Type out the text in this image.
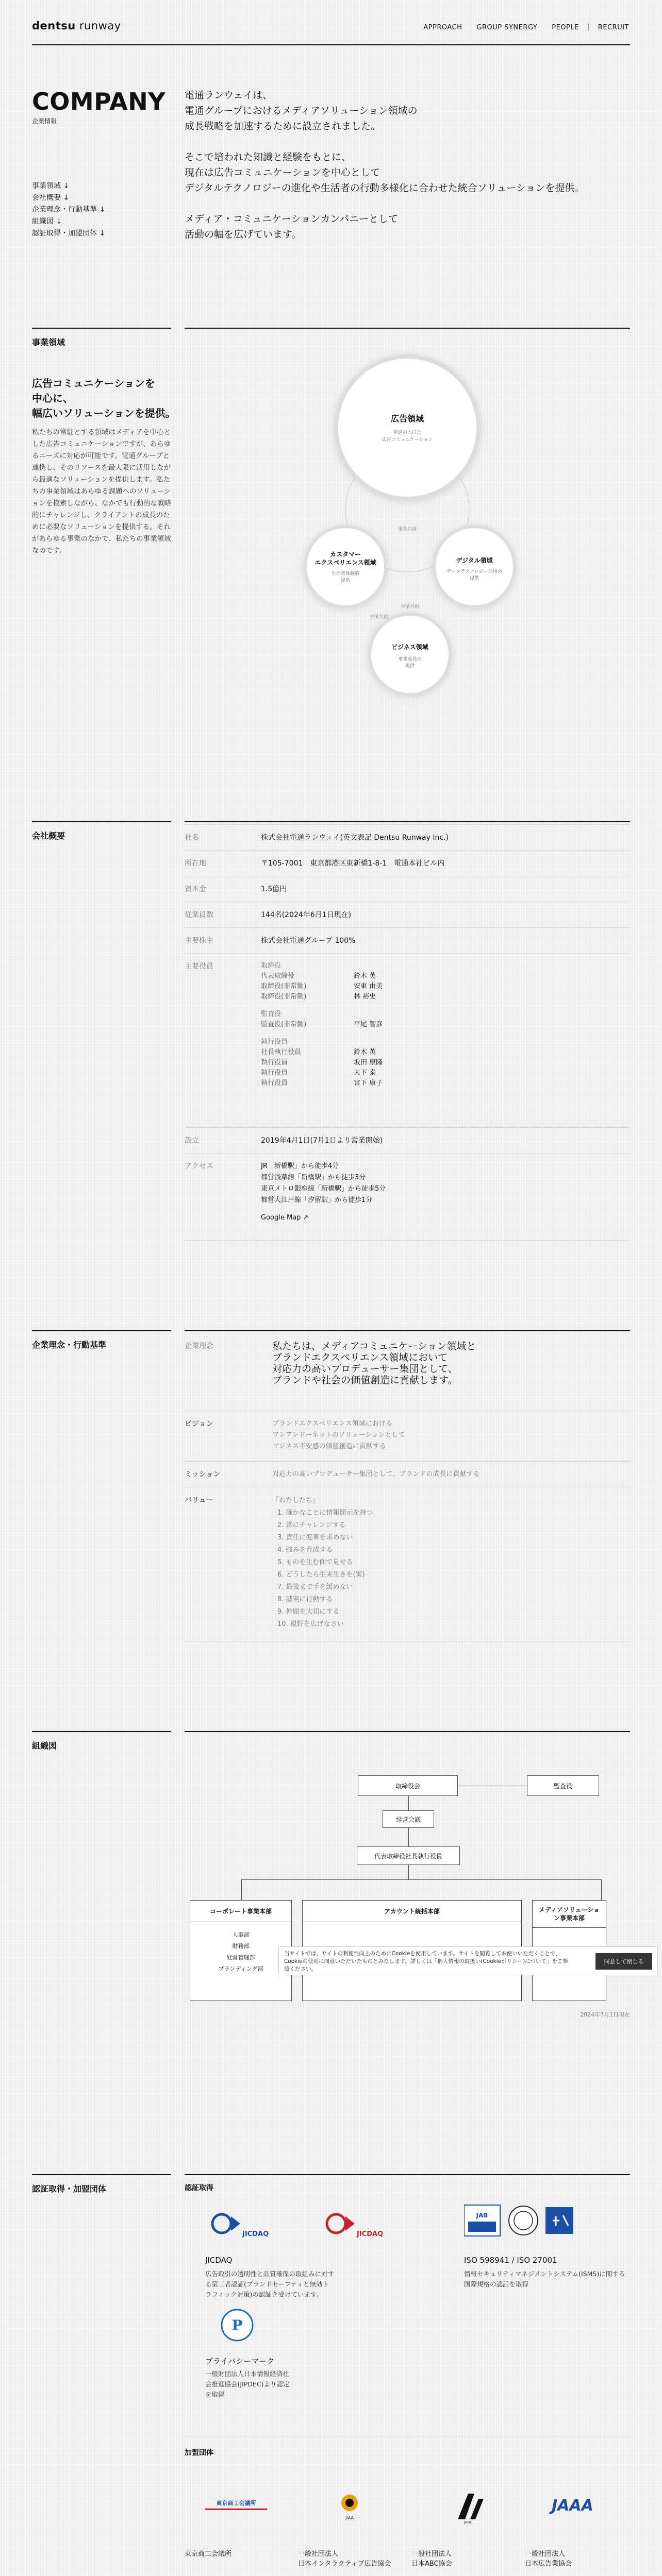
dentsu runway	APPROACH	GROUP SYNERGY	PEOPLE	RECRUIT
COMPANY
企業情報
事業領域 ↓
会社概要 ↓
企業理念・行動基準 ↓
組織図 ↓
認証取得・加盟団体 ↓

電通ランウェイは、
電通グループにおけるメディアソリューション領域の
成長戦略を加速するために設立されました。

そこで培われた知識と経験をもとに、
現在は広告コミュニケーションを中心として
デジタルテクノロジーの進化や生活者の行動多様化に合わせた統合ソリューションを提供。

メディア・コミュニケーションカンパニーとして
活動の幅を広げています。

事業領域
広告コミュニケーションを
中心に、
幅広いソリューションを提供。
私たちの常駐とする領域はメディアを中心とした広告コミュニケーションですが、あらゆるニーズに対応が可能です。電通グループと連携し、そのリソースを最大限に活用しながら最適なソリューションを提供します。私たちの事業領域はあらゆる課題へのソリューションを模索しながら、なかでも行動的な戦略的にチャレンジし、クライアントの成長のために必要なソリューションを提供する。それがあらゆる事業のなかで、私たちの事業領域なのです。
広告領域
電通の入口た
広告コミュニケーション
カスタマー
エクスペリエンス領域
生活者体験的
提供
デジタル領域
データテクノロジー活用の
提供
ビジネス領域
事業成長の
提供
事業共創
事業共創
事業共創
会社概要	社名	株式会社電通ランウェイ(英文表記 Dentsu Runway Inc.)
所在地	〒105-7001　東京都港区東新橋1-8-1　電通本社ビル内
資本金	1.5億円
従業員数	144名(2024年6月1日現在)
主要株主	株式会社電通グループ 100%
主要役員	取締役
代表取締役	鈴木 英
取締役(非常勤)	安東 由美
取締役(非常勤)	林 裕史
監査役
監査役(非常勤)	平尾 智彦
執行役員
社長執行役員	鈴木 英
執行役員	坂田 康隆
執行役員	大下 泰
執行役員	宮下 康子
設立	2019年4月1日(7月1日より営業開始)
アクセス	JR「新橋駅」から徒歩4分
都営浅草線「新橋駅」から徒歩3分
東京メトロ銀座線「新橋駅」から徒歩5分
都営大江戸線「汐留駅」から徒歩1分
Google Map ↗
企業理念・行動基準	企業理念	私たちは、メディアコミュニケーション領域と
ブランドエクスペリエンス領域において
対応力の高いプロデューサー集団として、
ブランドや社会の価値創造に貢献します。
ビジョン	ブランドエクスペリエンス領域における
ワンアンドーネットのソリューションとして
ビジネス不安感の価値創造に貢献する
ミッション	対応力の高いプロデューサー集団として、ブランドの成長に貢献する
バリュー	「わたしたち」
1. 確かなことに情報開示を持つ
2. 常にチャレンジする
3. 責任に変革を求めない
4. 強みを育成する
5. ものを生む面で見せる
6. どうしたら生来生きを(案)
7. 最後まで手を緩めない
8. 誠実に行動する
9. 仲間を大切にする
10. 視野を広げなさい
組織図
取締役会	監査役
経営会議
代表取締役社長執行役員
コーポレート事業本部
人事部
財務部
経営管理部
ブランディング部
アカウント統括本部	メディアソリューション事業本部
2024年7月1日現在
当サイトでは、サイトの利便性向上のためにCookieを使用しています。サイトを閲覧してお使いいただくことで、Cookieの使用に同意いただいたものとみなします。詳しくは「個人情報の取扱い(Cookieポリシー)について」をご参照ください。
同意して閉じる
認証取得・加盟団体	認証取得
JICDAQ	JICDAQ
JAB
JICDAQ
広告取引の透明性と品質確保の取組みに対する第三者認証(ブランドセーフティと無効トラフィック対策)の認証を受けています。
ISO 598941 / ISO 27001
情報セキュリティマネジメントシステム(ISMS)に関する国際規格の認証を取得
P
プライバシーマーク
一般財団法人日本情報経済社会推進協会(JIPDEC)より認定を取得
加盟団体
東京商工会議所
JIAA
JABC
JAAA
東京商工会議所	一般社団法人
日本インタラクティブ広告協会
一般社団法人
日本ABC協会
一般社団法人
日本広告業協会
